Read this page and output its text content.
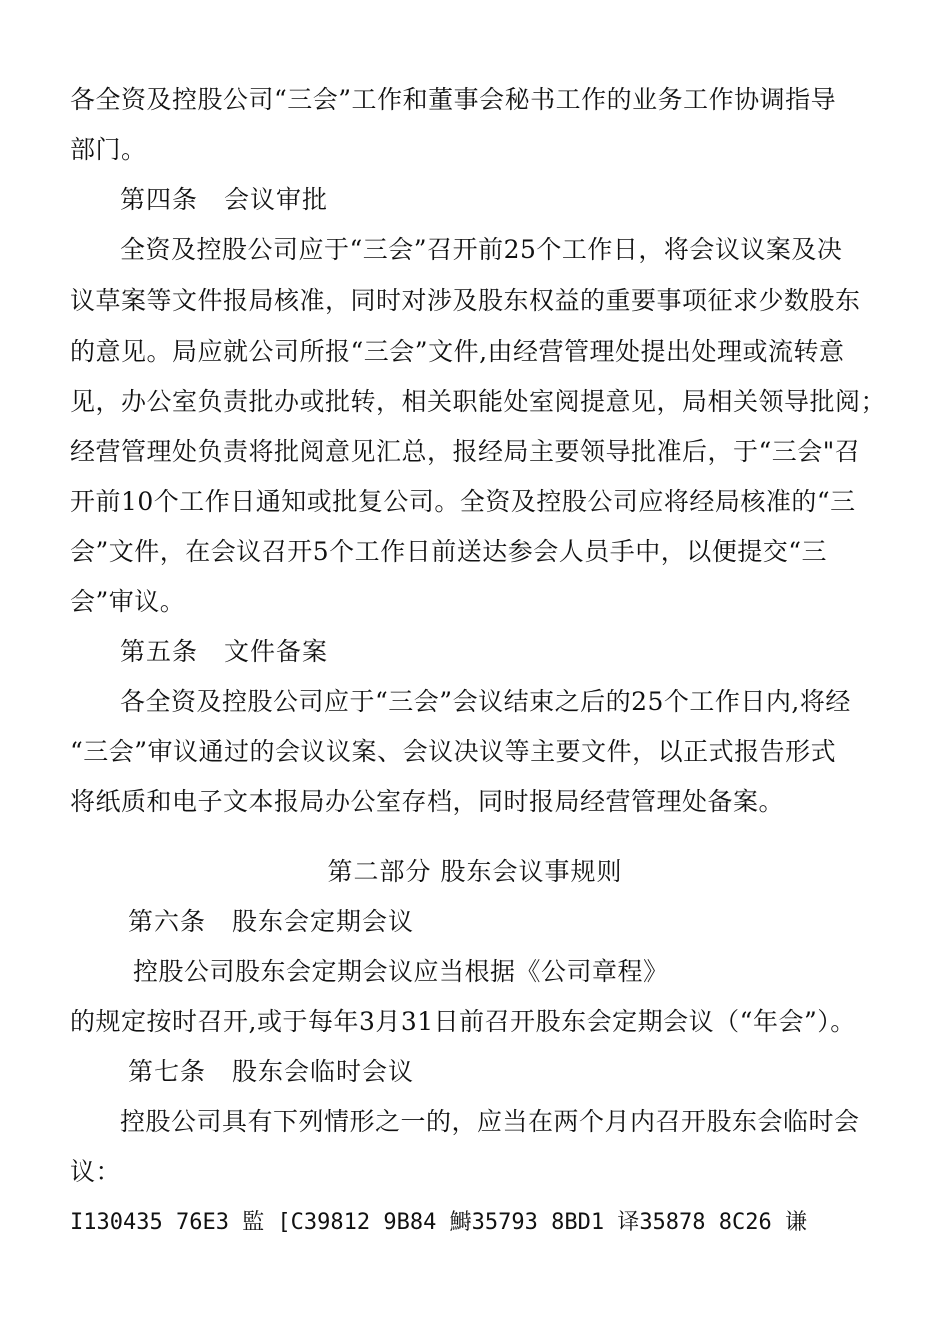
各全资及控股公司“三会”工作和董事会秘书工作的业务工作协调指导
部门。
第四条　会议审批
全资及控股公司应于“三会”召开前25个工作日，将会议议案及决
议草案等文件报局核准，同时对涉及股东权益的重要事项征求少数股东
的意见。局应就公司所报“三会”文件,由经营管理处提出处理或流转意
见，办公室负责批办或批转，相关职能处室阅提意见，局相关领导批阅；
经营管理处负责将批阅意见汇总，报经局主要领导批准后，于“三会"召
开前10个工作日通知或批复公司。全资及控股公司应将经局核准的“三
会”文件，在会议召开5个工作日前送达参会人员手中，以便提交“三
会”审议。
第五条　文件备案
各全资及控股公司应于“三会”会议结束之后的25个工作日内,将经
“三会”审议通过的会议议案、会议决议等主要文件，以正式报告形式
将纸质和电子文本报局办公室存档，同时报局经营管理处备案。
第二部分 股东会议事规则
第六条　股东会定期会议
控股公司股东会定期会议应当根据《公司章程》
的规定按时召开,或于每年3月31日前召开股东会定期会议（“年会”）。
第七条　股东会临时会议
控股公司具有下列情形之一的，应当在两个月内召开股东会临时会
议：
I130435 76E3 監 [C39812 9B84 鰣35793 8BD1 译35878 8C26 谦
